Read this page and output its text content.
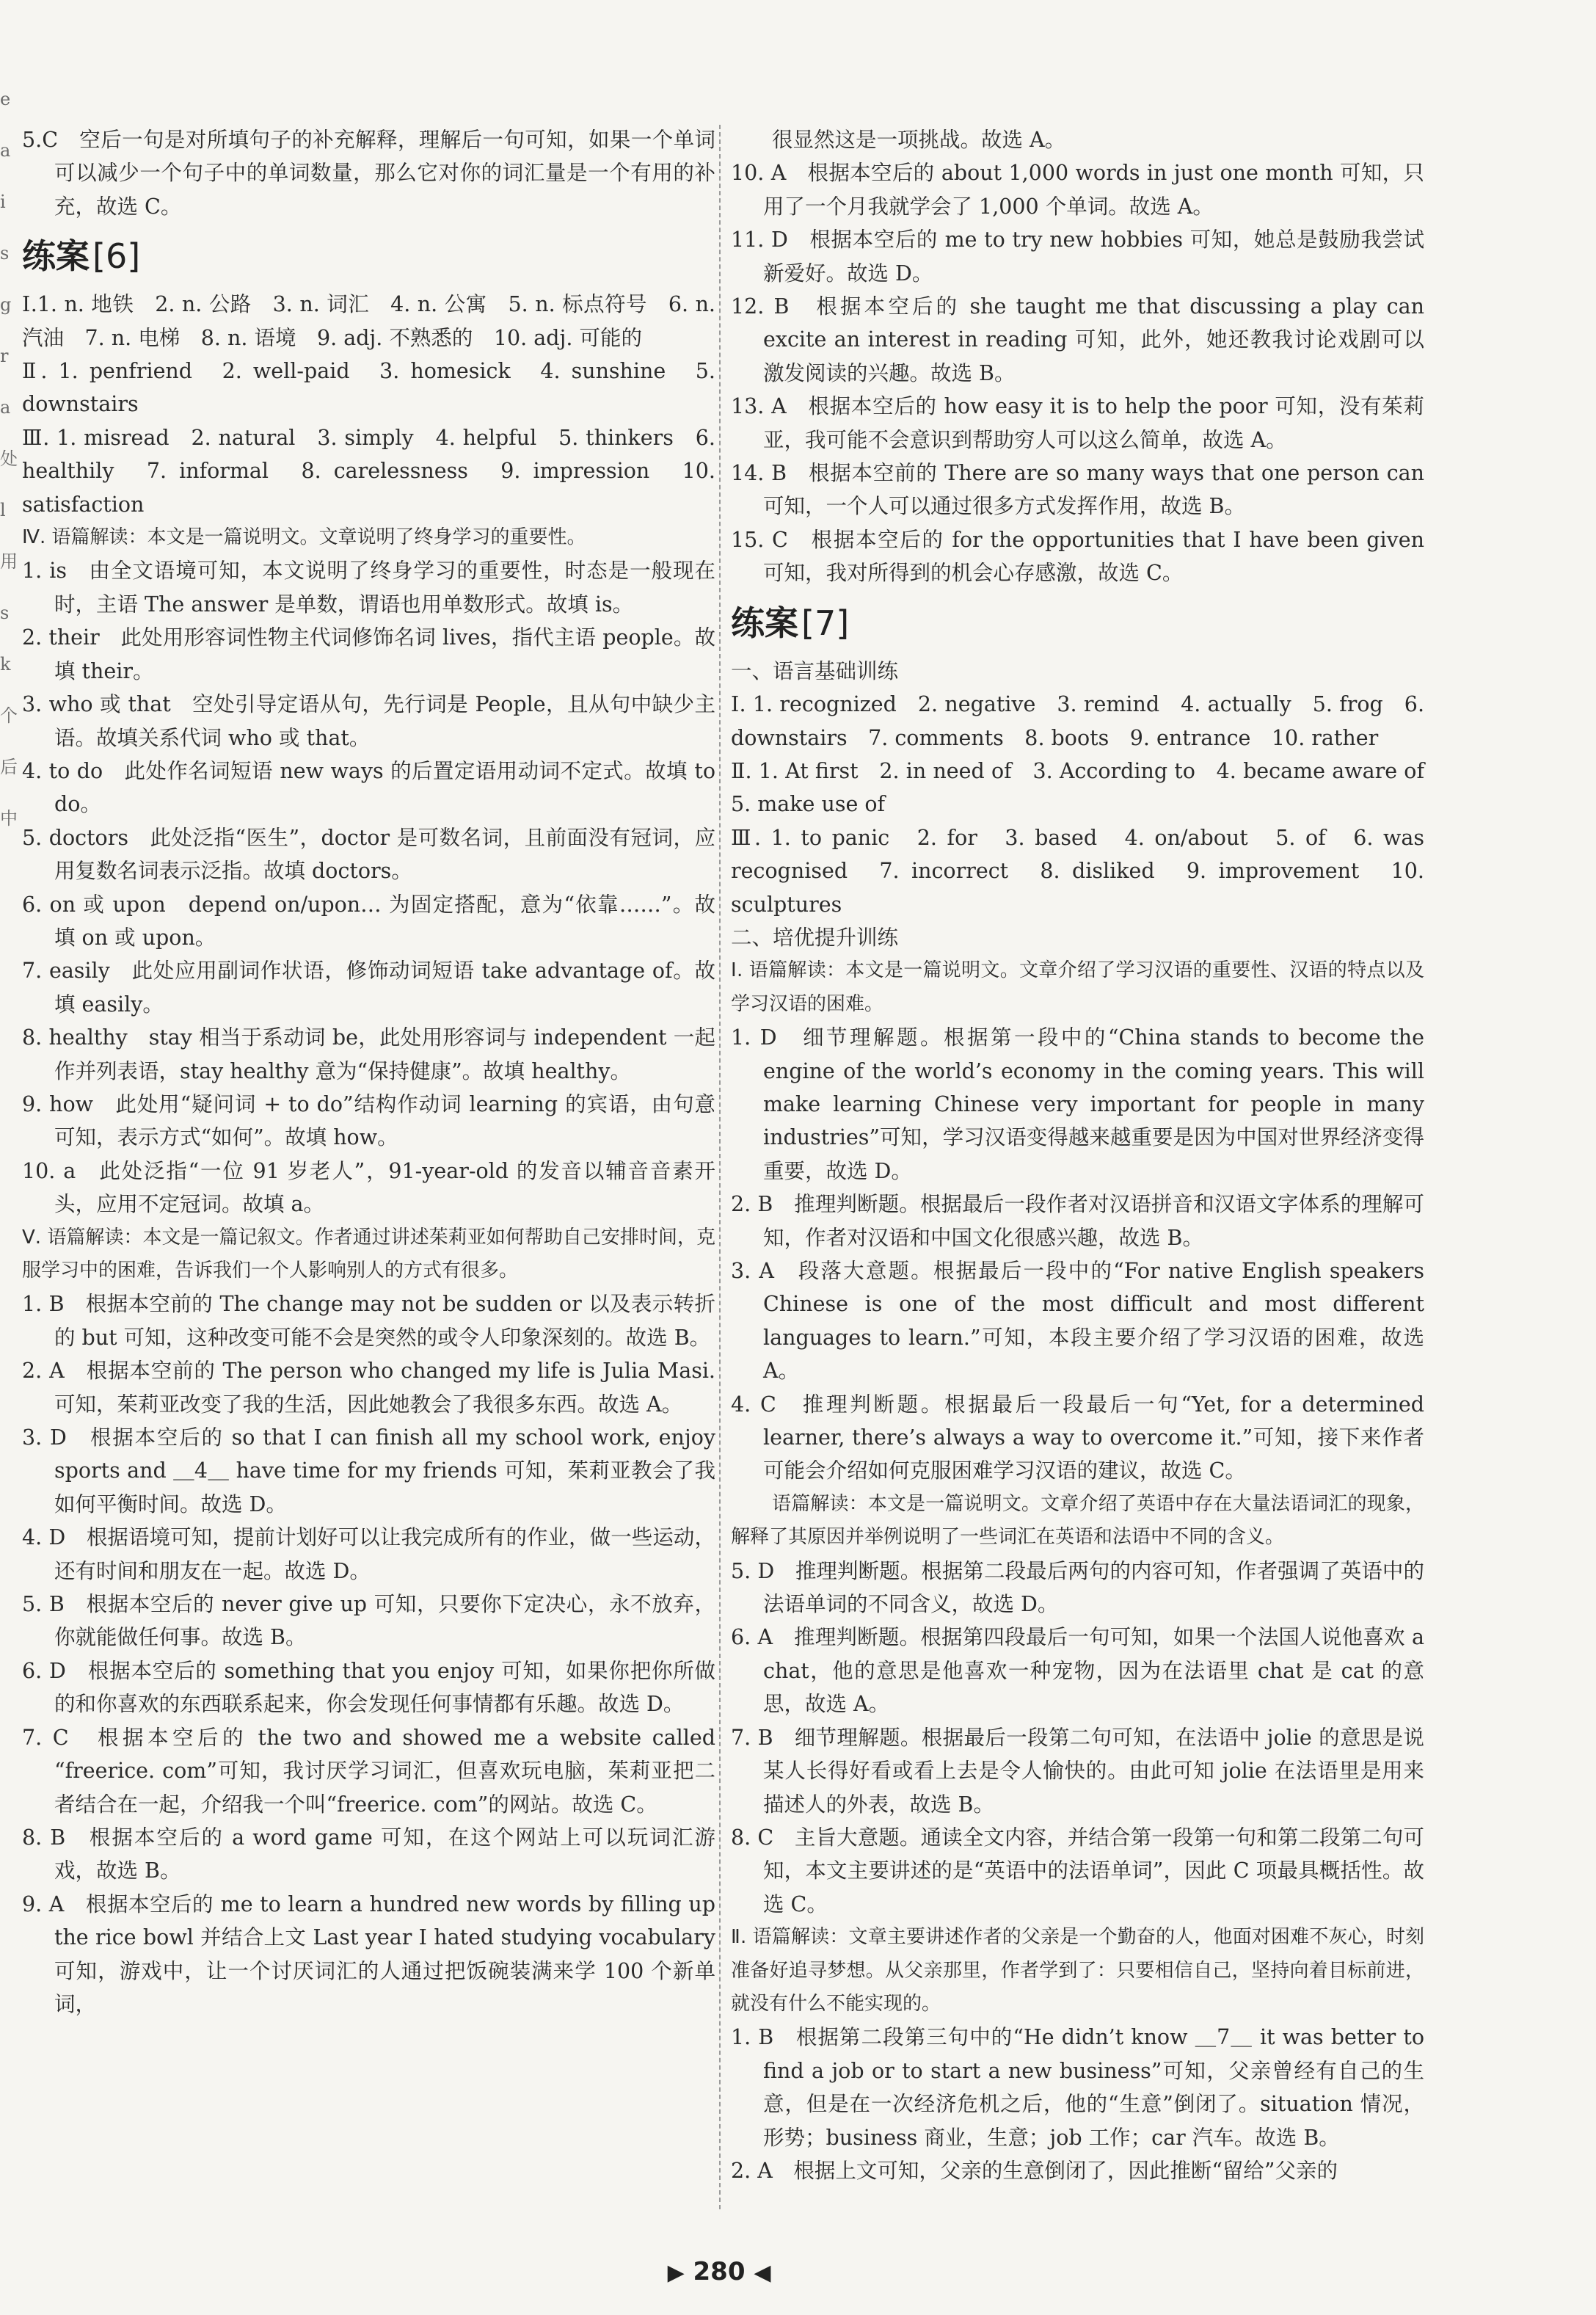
e
a
i
s
g
r
a
处
l
用
s
k
个
后
中

5.C　空后一句是对所填句子的补充解释，理解后一句可知，如果一个单词可以减少一个句子中的单词数量，那么它对你的词汇量是一个有用的补充，故选 C。

练案[6]

Ⅰ.1. n. 地铁　2. n. 公路　3. n. 词汇　4. n. 公寓　5. n. 标点符号　6. n. 汽油　7. n. 电梯　8. n. 语境　9. adj. 不熟悉的　10. adj. 可能的

Ⅱ. 1. penfriend　2. well-paid　3. homesick　4. sunshine　5. downstairs

Ⅲ. 1. misread　2. natural　3. simply　4. helpful　5. thinkers　6. healthily　7. informal　8. carelessness　9. impression　10. satisfaction

Ⅳ. 语篇解读：本文是一篇说明文。文章说明了终身学习的重要性。

1. is　由全文语境可知，本文说明了终身学习的重要性，时态是一般现在时，主语 The answer 是单数，谓语也用单数形式。故填 is。

2. their　此处用形容词性物主代词修饰名词 lives，指代主语 people。故填 their。

3. who 或 that　空处引导定语从句，先行词是 People，且从句中缺少主语。故填关系代词 who 或 that。

4. to do　此处作名词短语 new ways 的后置定语用动词不定式。故填 to do。

5. doctors　此处泛指“医生”，doctor 是可数名词，且前面没有冠词，应用复数名词表示泛指。故填 doctors。

6. on 或 upon　depend on/upon… 为固定搭配，意为“依靠……”。故填 on 或 upon。

7. easily　此处应用副词作状语，修饰动词短语 take advantage of。故填 easily。

8. healthy　stay 相当于系动词 be，此处用形容词与 independent 一起作并列表语，stay healthy 意为“保持健康”。故填 healthy。

9. how　此处用“疑问词 + to do”结构作动词 learning 的宾语，由句意可知，表示方式“如何”。故填 how。

10. a　此处泛指“一位 91 岁老人”，91-year-old 的发音以辅音音素开头，应用不定冠词。故填 a。

Ⅴ. 语篇解读：本文是一篇记叙文。作者通过讲述茱莉亚如何帮助自己安排时间，克服学习中的困难，告诉我们一个人影响别人的方式有很多。

1. B　根据本空前的 The change may not be sudden or 以及表示转折的 but 可知，这种改变可能不会是突然的或令人印象深刻的。故选 B。

2. A　根据本空前的 The person who changed my life is Julia Masi. 可知，茱莉亚改变了我的生活，因此她教会了我很多东西。故选 A。

3. D　根据本空后的 so that I can finish all my school work, enjoy sports and ＿4＿ have time for my friends 可知，茱莉亚教会了我如何平衡时间。故选 D。

4. D　根据语境可知，提前计划好可以让我完成所有的作业，做一些运动，还有时间和朋友在一起。故选 D。

5. B　根据本空后的 never give up 可知，只要你下定决心，永不放弃，你就能做任何事。故选 B。

6. D　根据本空后的 something that you enjoy 可知，如果你把你所做的和你喜欢的东西联系起来，你会发现任何事情都有乐趣。故选 D。

7. C　根据本空后的 the two and showed me a website called “freerice. com”可知，我讨厌学习词汇，但喜欢玩电脑，茱莉亚把二者结合在一起，介绍我一个叫“freerice. com”的网站。故选 C。

8. B　根据本空后的 a word game 可知，在这个网站上可以玩词汇游戏，故选 B。

9. A　根据本空后的 me to learn a hundred new words by filling up the rice bowl 并结合上文 Last year I hated studying vocabulary 可知，游戏中，让一个讨厌词汇的人通过把饭碗装满来学 100 个新单词，

很显然这是一项挑战。故选 A。

10. A　根据本空后的 about 1,000 words in just one month 可知，只用了一个月我就学会了 1,000 个单词。故选 A。

11. D　根据本空后的 me to try new hobbies 可知，她总是鼓励我尝试新爱好。故选 D。

12. B　根据本空后的 she taught me that discussing a play can excite an interest in reading 可知，此外，她还教我讨论戏剧可以激发阅读的兴趣。故选 B。

13. A　根据本空后的 how easy it is to help the poor 可知，没有茱莉亚，我可能不会意识到帮助穷人可以这么简单，故选 A。

14. B　根据本空前的 There are so many ways that one person can 可知，一个人可以通过很多方式发挥作用，故选 B。

15. C　根据本空后的 for the opportunities that I have been given 可知，我对所得到的机会心存感激，故选 C。

练案[7]

一、语言基础训练

Ⅰ. 1. recognized　2. negative　3. remind　4. actually　5. frog　6. downstairs　7. comments　8. boots　9. entrance　10. rather

Ⅱ. 1. At first　2. in need of　3. According to　4. became aware of　5. make use of

Ⅲ. 1. to panic　2. for　3. based　4. on/about　5. of　6. was recognised　7. incorrect　8. disliked　9. improvement　10. sculptures

二、培优提升训练

Ⅰ. 语篇解读：本文是一篇说明文。文章介绍了学习汉语的重要性、汉语的特点以及学习汉语的困难。

1. D　细节理解题。根据第一段中的“China stands to become the engine of the world’s economy in the coming years. This will make learning Chinese very important for people in many industries”可知，学习汉语变得越来越重要是因为中国对世界经济变得重要，故选 D。

2. B　推理判断题。根据最后一段作者对汉语拼音和汉语文字体系的理解可知，作者对汉语和中国文化很感兴趣，故选 B。

3. A　段落大意题。根据最后一段中的“For native English speakers Chinese is one of the most difficult and most different languages to learn.”可知，本段主要介绍了学习汉语的困难，故选 A。

4. C　推理判断题。根据最后一段最后一句“Yet, for a determined learner, there’s always a way to overcome it.”可知，接下来作者可能会介绍如何克服困难学习汉语的建议，故选 C。

语篇解读：本文是一篇说明文。文章介绍了英语中存在大量法语词汇的现象，解释了其原因并举例说明了一些词汇在英语和法语中不同的含义。

5. D　推理判断题。根据第二段最后两句的内容可知，作者强调了英语中的法语单词的不同含义，故选 D。

6. A　推理判断题。根据第四段最后一句可知，如果一个法国人说他喜欢 a chat，他的意思是他喜欢一种宠物，因为在法语里 chat 是 cat 的意思，故选 A。

7. B　细节理解题。根据最后一段第二句可知，在法语中 jolie 的意思是说某人长得好看或看上去是令人愉快的。由此可知 jolie 在法语里是用来描述人的外表，故选 B。

8. C　主旨大意题。通读全文内容，并结合第一段第一句和第二段第二句可知，本文主要讲述的是“英语中的法语单词”，因此 C 项最具概括性。故选 C。

Ⅱ. 语篇解读：文章主要讲述作者的父亲是一个勤奋的人，他面对困难不灰心，时刻准备好追寻梦想。从父亲那里，作者学到了：只要相信自己，坚持向着目标前进，就没有什么不能实现的。

1. B　根据第二段第三句中的“He didn’t know ＿7＿ it was better to find a job or to start a new business”可知，父亲曾经有自己的生意，但是在一次经济危机之后，他的“生意”倒闭了。situation 情况，形势；business 商业，生意；job 工作；car 汽车。故选 B。

2. A　根据上文可知，父亲的生意倒闭了，因此推断“留给”父亲的

▶ 280 ◀
